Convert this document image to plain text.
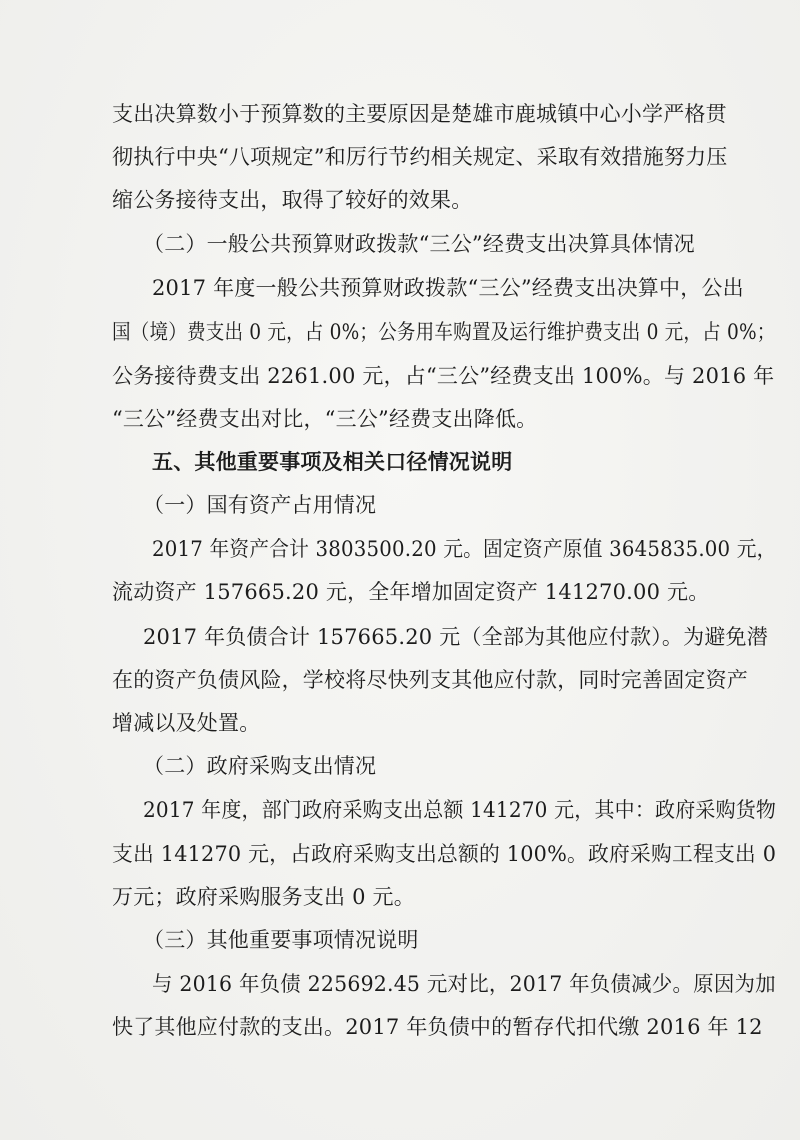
支出决算数小于预算数的主要原因是楚雄市鹿城镇中心小学严格贯
彻执行中央“八项规定”和厉行节约相关规定、采取有效措施努力压
缩公务接待支出，取得了较好的效果。
（二）一般公共预算财政拨款“三公”经费支出决算具体情况
2017 年度一般公共预算财政拨款“三公”经费支出决算中，公出
国（境）费支出 0 元，占 0%；公务用车购置及运行维护费支出 0 元，占 0%；
公务接待费支出 2261.00 元，占“三公”经费支出 100%。与 2016 年
“三公”经费支出对比，“三公”经费支出降低。
五、其他重要事项及相关口径情况说明
（一）国有资产占用情况
2017 年资产合计 3803500.20 元。固定资产原值 3645835.00 元，
流动资产 157665.20 元，全年增加固定资产 141270.00 元。
2017 年负债合计 157665.20 元（全部为其他应付款）。为避免潜
在的资产负债风险，学校将尽快列支其他应付款，同时完善固定资产
增减以及处置。
（二）政府采购支出情况
2017 年度，部门政府采购支出总额 141270 元，其中：政府采购货物
支出 141270 元，占政府采购支出总额的 100%。政府采购工程支出 0
万元；政府采购服务支出 0 元。
（三）其他重要事项情况说明
与 2016 年负债 225692.45 元对比，2017 年负债减少。原因为加
快了其他应付款的支出。2017 年负债中的暂存代扣代缴 2016 年 12
